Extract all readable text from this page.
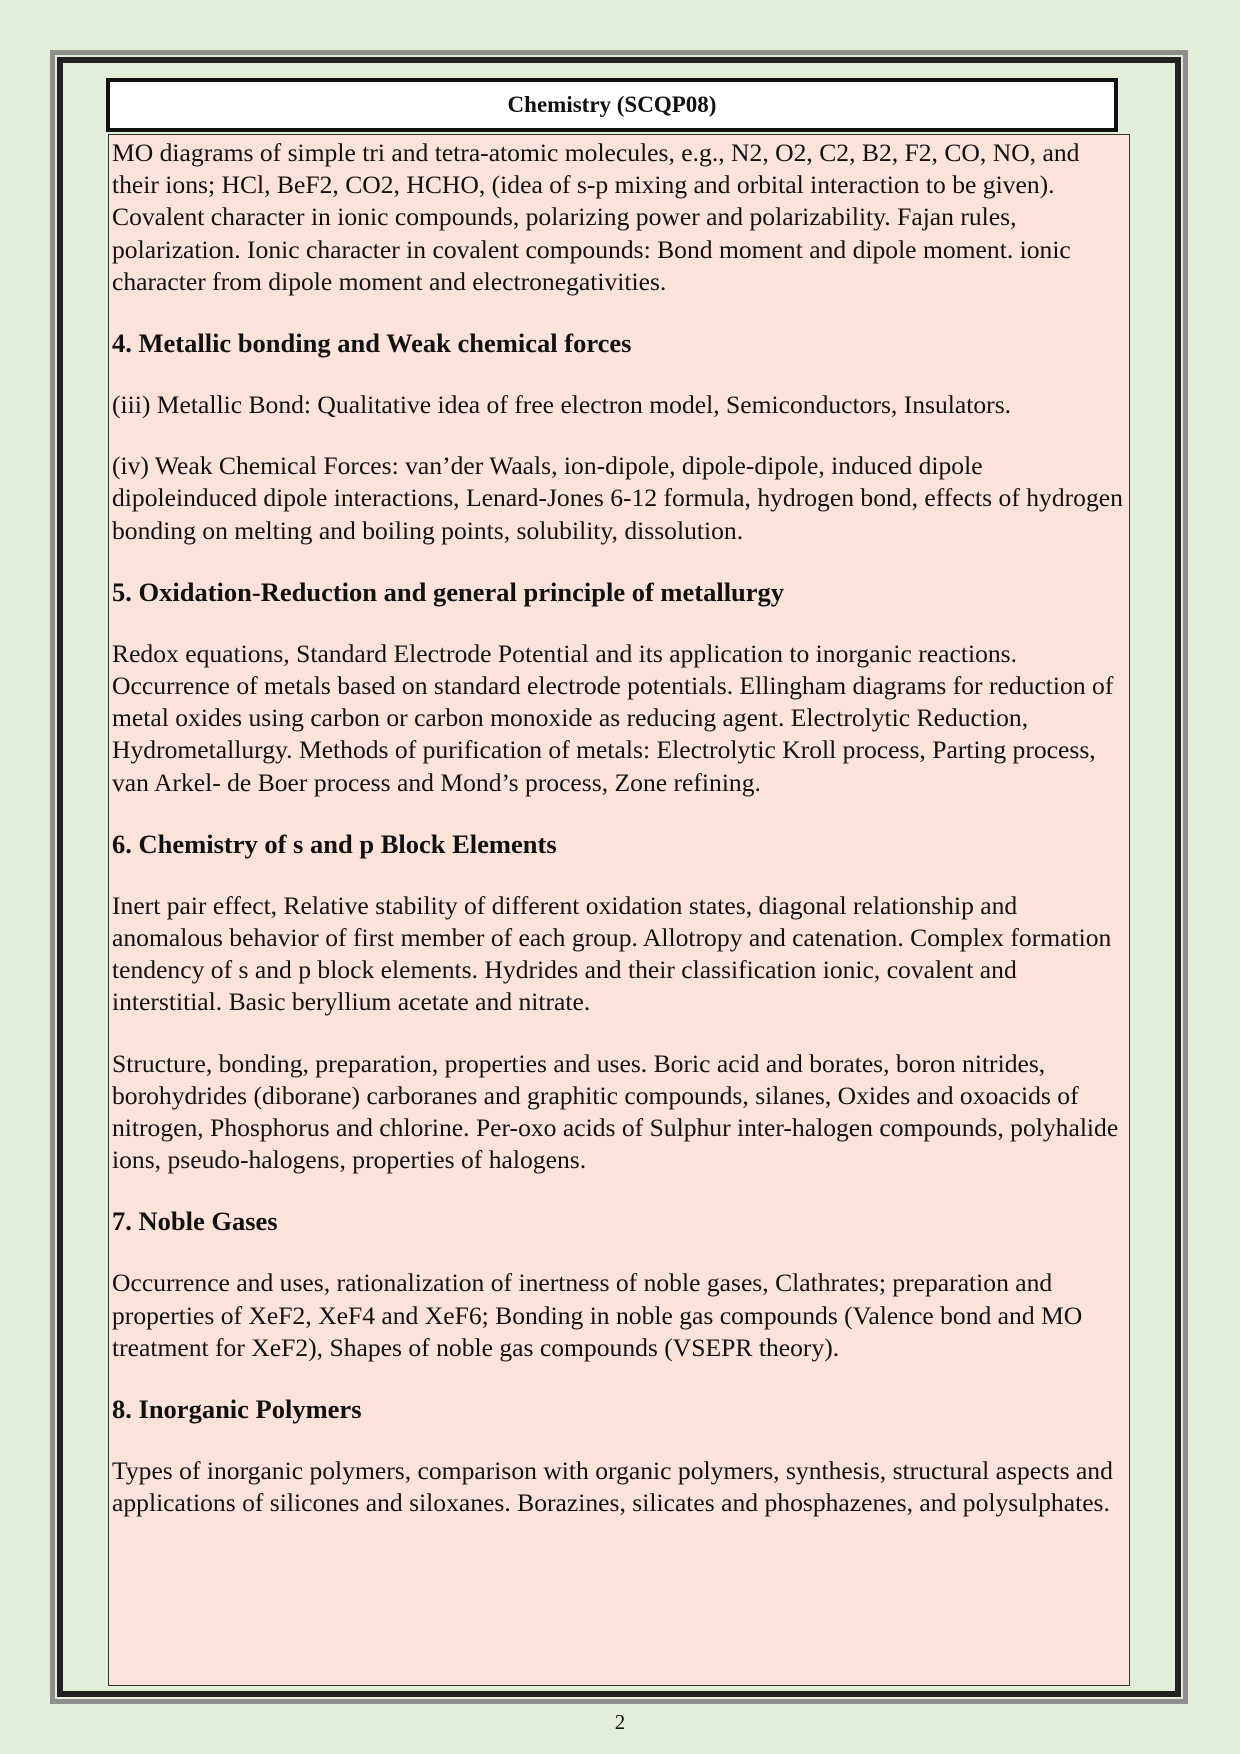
Chemistry (SCQP08)

MO diagrams of simple tri and tetra-atomic molecules, e.g., N2, O2, C2, B2, F2, CO, NO, and their ions; HCl, BeF2, CO2, HCHO, (idea of s-p mixing and orbital interaction to be given). Covalent character in ionic compounds, polarizing power and polarizability. Fajan rules, polarization. Ionic character in covalent compounds: Bond moment and dipole moment. ionic character from dipole moment and electronegativities.

4. Metallic bonding and Weak chemical forces

(iii) Metallic Bond: Qualitative idea of free electron model, Semiconductors, Insulators.

(iv) Weak Chemical Forces: van’der Waals, ion-dipole, dipole-dipole, induced dipole dipoleinduced dipole interactions, Lenard-Jones 6-12 formula, hydrogen bond, effects of hydrogen bonding on melting and boiling points, solubility, dissolution.

5. Oxidation-Reduction and general principle of metallurgy

Redox equations, Standard Electrode Potential and its application to inorganic reactions. Occurrence of metals based on standard electrode potentials. Ellingham diagrams for reduction of metal oxides using carbon or carbon monoxide as reducing agent. Electrolytic Reduction, Hydrometallurgy. Methods of purification of metals: Electrolytic Kroll process, Parting process, van Arkel- de Boer process and Mond’s process, Zone refining.

6. Chemistry of s and p Block Elements

Inert pair effect, Relative stability of different oxidation states, diagonal relationship and anomalous behavior of first member of each group. Allotropy and catenation. Complex formation tendency of s and p block elements. Hydrides and their classification ionic, covalent and interstitial. Basic beryllium acetate and nitrate.

Structure, bonding, preparation, properties and uses. Boric acid and borates, boron nitrides, borohydrides (diborane) carboranes and graphitic compounds, silanes, Oxides and oxoacids of nitrogen, Phosphorus and chlorine. Per-oxo acids of Sulphur inter-halogen compounds, polyhalide ions, pseudo-halogens, properties of halogens.

7. Noble Gases

Occurrence and uses, rationalization of inertness of noble gases, Clathrates; preparation and properties of XeF2, XeF4 and XeF6; Bonding in noble gas compounds (Valence bond and MO treatment for XeF2), Shapes of noble gas compounds (VSEPR theory).

8. Inorganic Polymers

Types of inorganic polymers, comparison with organic polymers, synthesis, structural aspects and applications of silicones and siloxanes. Borazines, silicates and phosphazenes, and polysulphates.

2
